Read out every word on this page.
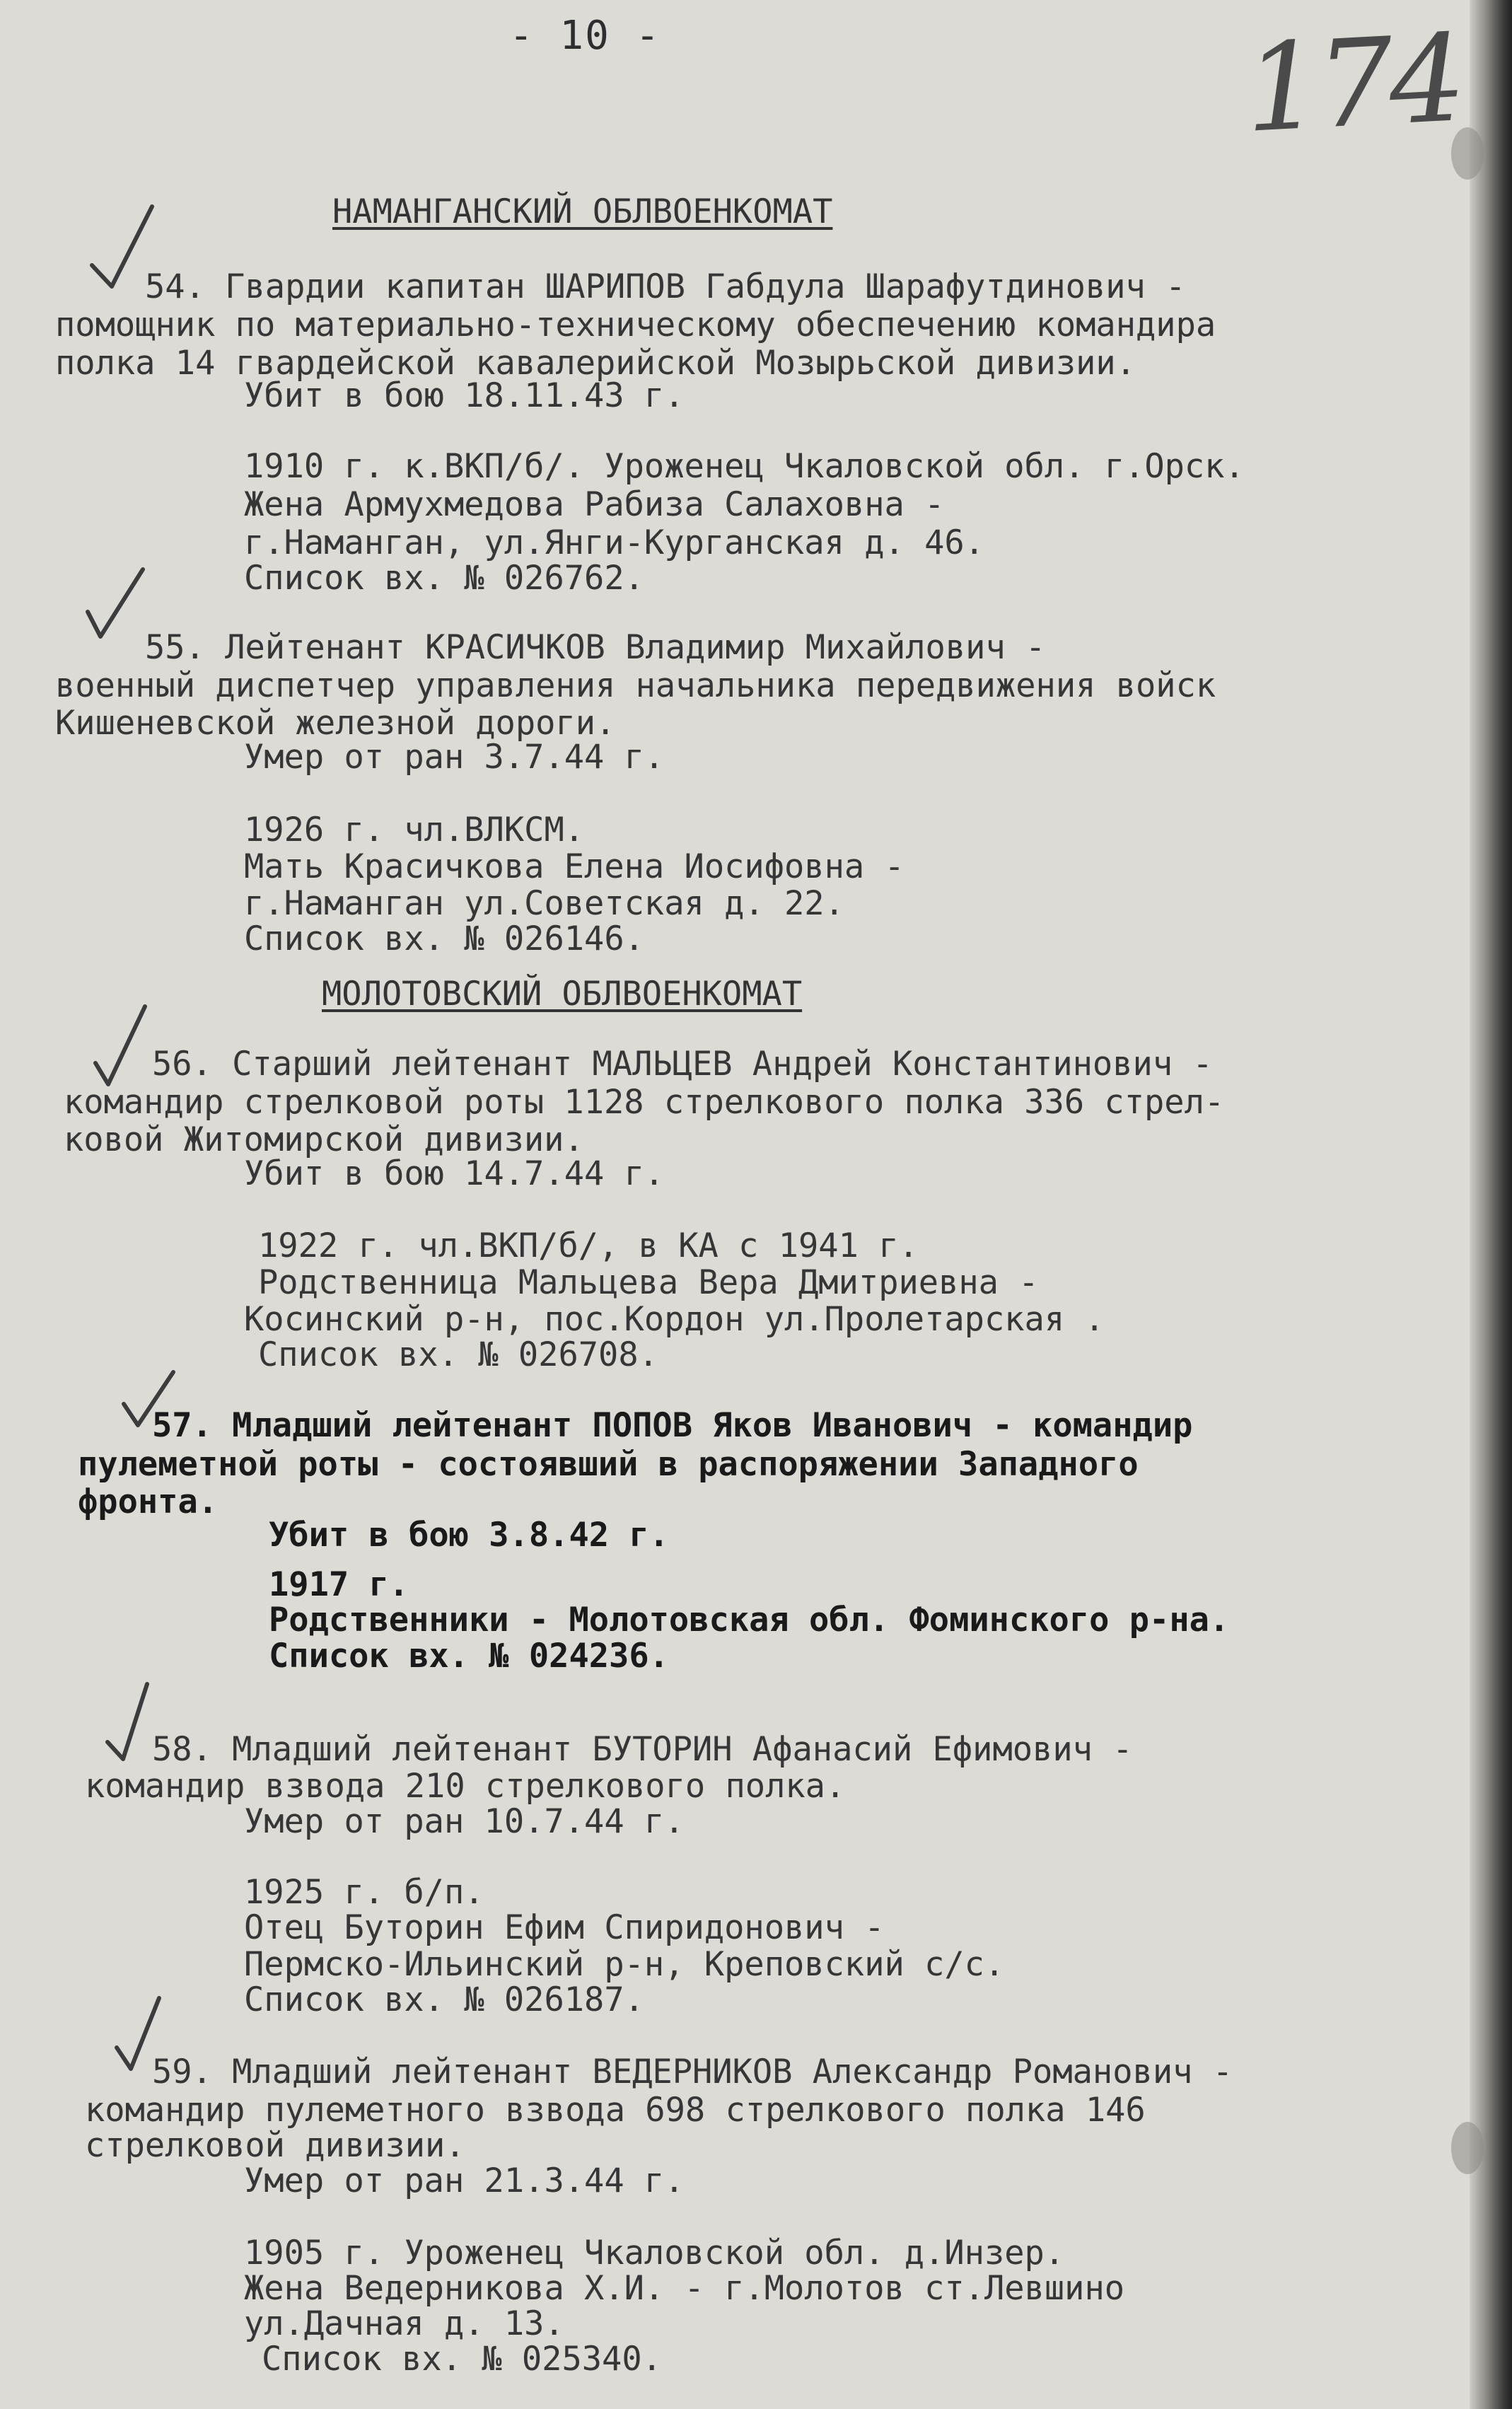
- 10 -	174
НАМАНГАНСКИЙ ОБЛВОЕНКОМАТ

54. Гвардии капитан ШАРИПОВ Габдула Шарафутдинович -

помощник по материально-техническому обеспечению командира

полка 14 гвардейской кавалерийской Мозырьской дивизии.

Убит в бою 18.11.43 г.

1910 г. к.ВКП/б/. Уроженец Чкаловской обл. г.Орск.

Жена Армухмедова Рабиза Салаховна -

г.Наманган, ул.Янги-Курганская д. 46.

Список вх. № 026762.

55. Лейтенант КРАСИЧКОВ Владимир Михайлович -

военный диспетчер управления начальника передвижения войск

Кишеневской железной дороги.

Умер от ран 3.7.44 г.

1926 г. чл.ВЛКСМ.

Мать Красичкова Елена Иосифовна -

г.Наманган ул.Советская д. 22.

Список вх. № 026146.

МОЛОТОВСКИЙ ОБЛВОЕНКОМАТ

56. Старший лейтенант МАЛЬЦЕВ Андрей Константинович -

командир стрелковой роты 1128 стрелкового полка 336 стрел-

ковой Житомирской дивизии.

Убит в бою 14.7.44 г.

1922 г. чл.ВКП/б/, в КА с 1941 г.

Родственница Мальцева Вера Дмитриевна -

Косинский р-н, пос.Кордон ул.Пролетарская .

Список вх. № 026708.

57. Младший лейтенант ПОПОВ Яков Иванович - командир

пулеметной роты - состоявший в распоряжении Западного

фронта.

Убит в бою 3.8.42 г.

1917 г.

Родственники - Молотовская обл. Фоминского р-на.

Список вх. № 024236.

58. Младший лейтенант БУТОРИН Афанасий Ефимович -

командир взвода 210 стрелкового полка.

Умер от ран 10.7.44 г.

1925 г. б/п.

Отец Буторин Ефим Спиридонович -

Пермско-Ильинский р-н, Креповский с/с.

Список вх. № 026187.

59. Младший лейтенант ВЕДЕРНИКОВ Александр Романович -

командир пулеметного взвода 698 стрелкового полка 146

стрелковой дивизии.

Умер от ран 21.3.44 г.

1905 г. Уроженец Чкаловской обл. д.Инзер.

Жена Ведерникова Х.И. - г.Молотов ст.Левшино

ул.Дачная д. 13.

Список вх. № 025340.
